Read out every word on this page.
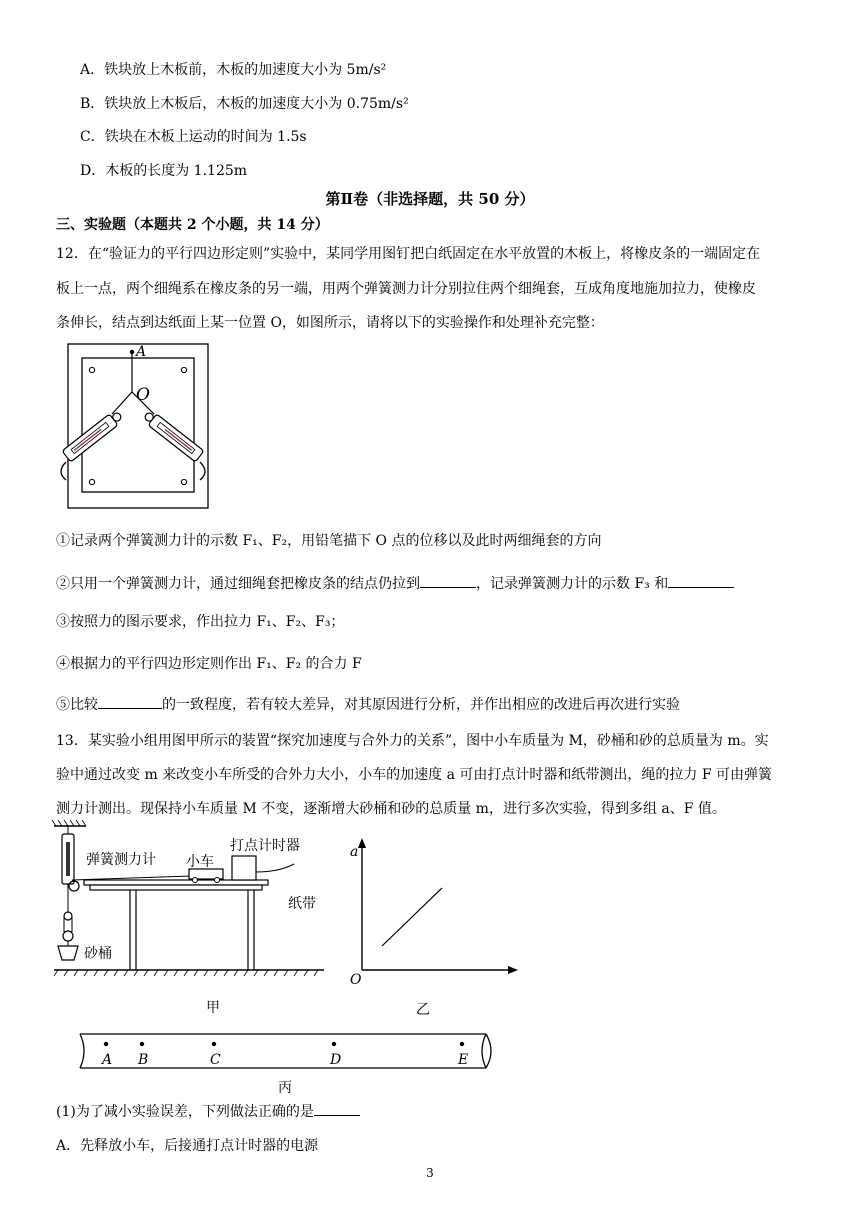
A．铁块放上木板前，木板的加速度大小为 5m/s²
B．铁块放上木板后，木板的加速度大小为 0.75m/s²
C．铁块在木板上运动的时间为 1.5s
D．木板的长度为 1.125m
第Ⅱ卷（非选择题，共 50 分）
三、实验题（本题共 2 个小题，共 14 分）
12．在“验证力的平行四边形定则”实验中，某同学用图钉把白纸固定在水平放置的木板上，将橡皮条的一端固定在
板上一点，两个细绳系在橡皮条的另一端，用两个弹簧测力计分别拉住两个细绳套，互成角度地施加拉力，使橡皮
条伸长，结点到达纸面上某一位置 O，如图所示，请将以下的实验操作和处理补充完整：
A
O
①记录两个弹簧测力计的示数 F₁、F₂，用铅笔描下 O 点的位移以及此时两细绳套的方向
②只用一个弹簧测力计，通过细绳套把橡皮条的结点仍拉到	，记录弹簧测力计的示数 F₃ 和
③按照力的图示要求，作出拉力 F₁、F₂、F₃；
④根据力的平行四边形定则作出 F₁、F₂ 的合力 F
⑤比较	的一致程度，若有较大差异，对其原因进行分析，并作出相应的改进后再次进行实验
13．某实验小组用图甲所示的装置“探究加速度与合外力的关系”，图中小车质量为 M，砂桶和砂的总质量为 m。实
验中通过改变 m 来改变小车所受的合外力大小，小车的加速度 a 可由打点计时器和纸带测出，绳的拉力 F 可由弹簧
测力计测出。现保持小车质量 M 不变，逐渐增大砂桶和砂的总质量 m，进行多次实验，得到多组 a、F 值。
弹簧测力计 小车
打点计时器
纸带
砂桶
甲
a
O
乙
A B	C	D	E
丙
(1)为了减小实验误差，下列做法正确的是
A．先释放小车，后接通打点计时器的电源
3
